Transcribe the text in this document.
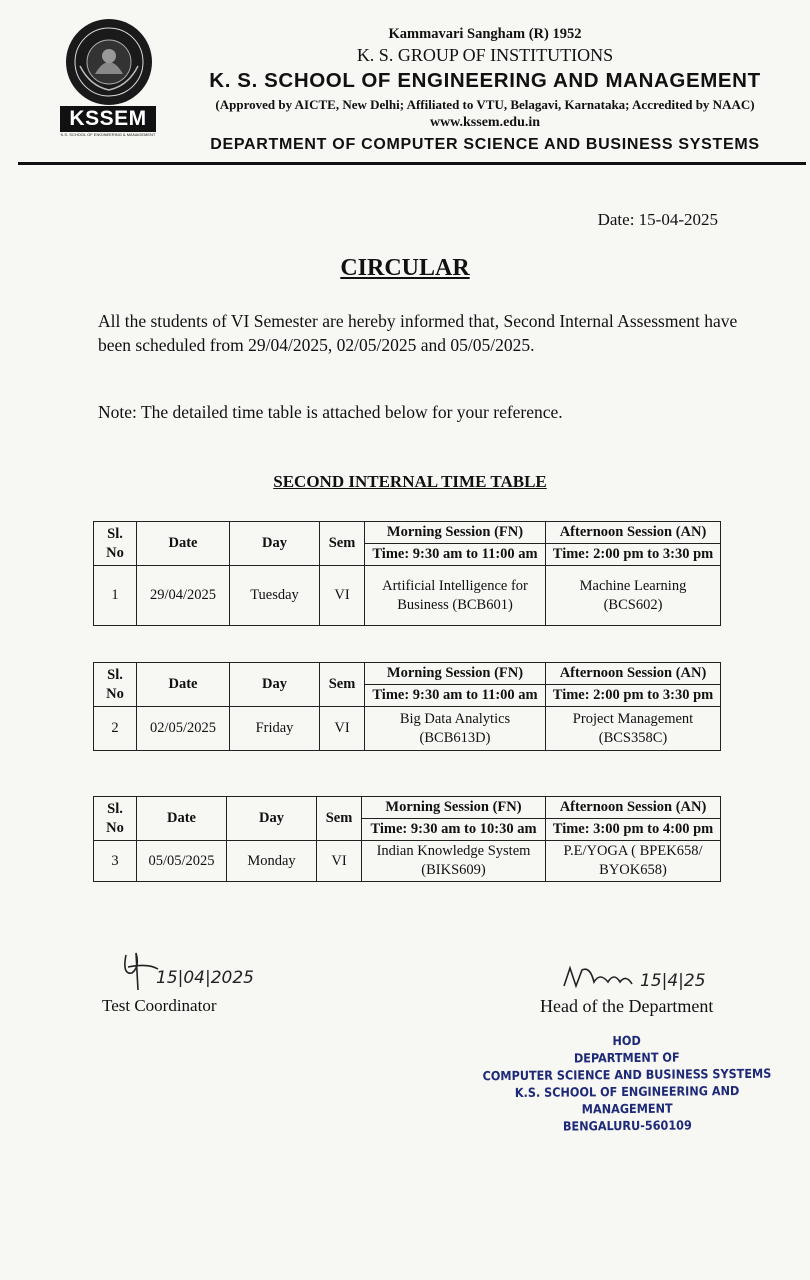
KSSEM
K.S. SCHOOL OF ENGINEERING & MANAGEMENT
Kammavari Sangham (R) 1952
K. S. GROUP OF INSTITUTIONS
K. S. SCHOOL OF ENGINEERING AND MANAGEMENT
(Approved by AICTE, New Delhi; Affiliated to VTU, Belagavi, Karnataka; Accredited by NAAC)
www.kssem.edu.in
DEPARTMENT OF COMPUTER SCIENCE AND BUSINESS SYSTEMS
Date: 15-04-2025
CIRCULAR
All the students of VI Semester are hereby informed that, Second Internal Assessment have been scheduled from 29/04/2025, 02/05/2025 and 05/05/2025.
Note: The detailed time table is attached below for your reference.
SECOND INTERNAL TIME TABLE
Sl. No	Date	Day	Sem	Morning Session (FN)	Afternoon Session (AN)
				Time: 9:30 am to 11:00 am	Time: 2:00 pm to 3:30 pm
1	29/04/2025	Tuesday	VI	Artificial Intelligence for Business (BCB601)	Machine Learning (BCS602)
Sl. No	Date	Day	Sem	Morning Session (FN)	Afternoon Session (AN)
				Time: 9:30 am to 11:00 am	Time: 2:00 pm to 3:30 pm
2	02/05/2025	Friday	VI	Big Data Analytics (BCB613D)	Project Management (BCS358C)
Sl. No	Date	Day	Sem	Morning Session (FN)	Afternoon Session (AN)
				Time: 9:30 am to 10:30 am	Time: 3:00 pm to 4:00 pm
3	05/05/2025	Monday	VI	Indian Knowledge System (BIKS609)	P.E/YOGA ( BPEK658/ BYOK658)
15|04|2025	15|4|25
Test Coordinator	Head of the Department
HOD
DEPARTMENT OF
COMPUTER SCIENCE AND BUSINESS SYSTEMS
K.S. SCHOOL OF ENGINEERING AND MANAGEMENT
BENGALURU-560109
